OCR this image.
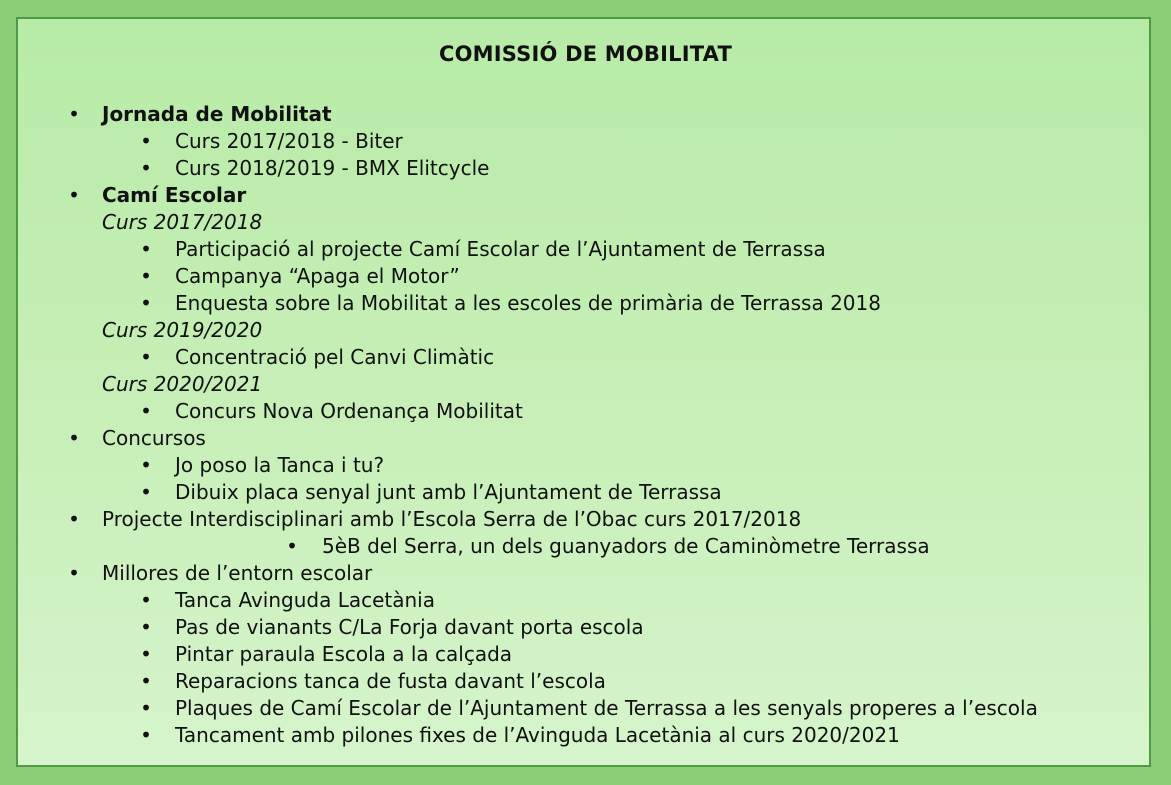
COMISSIÓ DE MOBILITAT
• Jornada de Mobilitat
• Curs 2017/2018 - Biter
• Curs 2018/2019 - BMX Elitcycle
• Camí Escolar
Curs 2017/2018
• Participació al projecte Camí Escolar de l’Ajuntament de Terrassa
• Campanya “Apaga el Motor”
• Enquesta sobre la Mobilitat a les escoles de primària de Terrassa 2018
Curs 2019/2020
• Concentració pel Canvi Climàtic
Curs 2020/2021
• Concurs Nova Ordenança Mobilitat
• Concursos
• Jo poso la Tanca i tu?
• Dibuix placa senyal junt amb l’Ajuntament de Terrassa
• Projecte Interdisciplinari amb l’Escola Serra de l’Obac curs 2017/2018
• 5èB del Serra, un dels guanyadors de Caminòmetre Terrassa
• Millores de l’entorn escolar
• Tanca Avinguda Lacetània
• Pas de vianants C/La Forja davant porta escola
• Pintar paraula Escola a la calçada
• Reparacions tanca de fusta davant l’escola
• Plaques de Camí Escolar de l’Ajuntament de Terrassa a les senyals properes a l’escola
• Tancament amb pilones fixes de l’Avinguda Lacetània al curs 2020/2021
